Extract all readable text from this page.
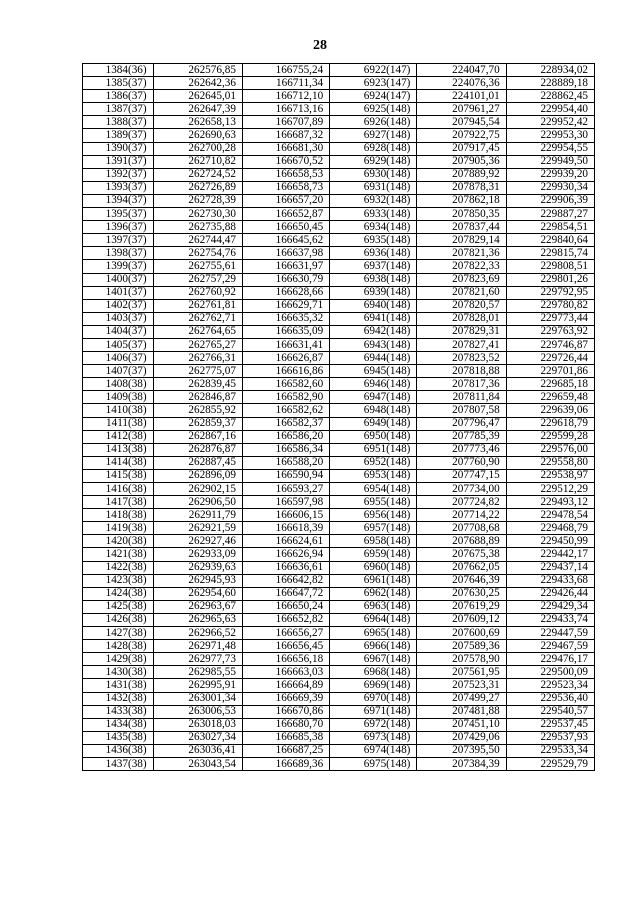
28
1384(36)	262576,85	166755,24	6922(147)	224047,70	228934,02
1385(37)	262642,36	166711,34	6923(147)	224076,36	228889,18
1386(37)	262645,01	166712,10	6924(147)	224101,01	228862,45
1387(37)	262647,39	166713,16	6925(148)	207961,27	229954,40
1388(37)	262658,13	166707,89	6926(148)	207945,54	229952,42
1389(37)	262690,63	166687,32	6927(148)	207922,75	229953,30
1390(37)	262700,28	166681,30	6928(148)	207917,45	229954,55
1391(37)	262710,82	166670,52	6929(148)	207905,36	229949,50
1392(37)	262724,52	166658,53	6930(148)	207889,92	229939,20
1393(37)	262726,89	166658,73	6931(148)	207878,31	229930,34
1394(37)	262728,39	166657,20	6932(148)	207862,18	229906,39
1395(37)	262730,30	166652,87	6933(148)	207850,35	229887,27
1396(37)	262735,88	166650,45	6934(148)	207837,44	229854,51
1397(37)	262744,47	166645,62	6935(148)	207829,14	229840,64
1398(37)	262754,76	166637,98	6936(148)	207821,36	229815,74
1399(37)	262755,61	166631,97	6937(148)	207822,33	229808,51
1400(37)	262757,29	166630,79	6938(148)	207823,69	229801,26
1401(37)	262760,92	166628,66	6939(148)	207821,60	229792,95
1402(37)	262761,81	166629,71	6940(148)	207820,57	229780,82
1403(37)	262762,71	166635,32	6941(148)	207828,01	229773,44
1404(37)	262764,65	166635,09	6942(148)	207829,31	229763,92
1405(37)	262765,27	166631,41	6943(148)	207827,41	229746,87
1406(37)	262766,31	166626,87	6944(148)	207823,52	229726,44
1407(37)	262775,07	166616,86	6945(148)	207818,88	229701,86
1408(38)	262839,45	166582,60	6946(148)	207817,36	229685,18
1409(38)	262846,87	166582,90	6947(148)	207811,84	229659,48
1410(38)	262855,92	166582,62	6948(148)	207807,58	229639,06
1411(38)	262859,37	166582,37	6949(148)	207796,47	229618,79
1412(38)	262867,16	166586,20	6950(148)	207785,39	229599,28
1413(38)	262876,87	166586,34	6951(148)	207773,46	229576,00
1414(38)	262887,45	166588,20	6952(148)	207760,90	229558,80
1415(38)	262896,09	166590,94	6953(148)	207747,15	229538,97
1416(38)	262902,15	166593,27	6954(148)	207734,00	229512,29
1417(38)	262906,50	166597,98	6955(148)	207724,82	229493,12
1418(38)	262911,79	166606,15	6956(148)	207714,22	229478,54
1419(38)	262921,59	166618,39	6957(148)	207708,68	229468,79
1420(38)	262927,46	166624,61	6958(148)	207688,89	229450,99
1421(38)	262933,09	166626,94	6959(148)	207675,38	229442,17
1422(38)	262939,63	166636,61	6960(148)	207662,05	229437,14
1423(38)	262945,93	166642,82	6961(148)	207646,39	229433,68
1424(38)	262954,60	166647,72	6962(148)	207630,25	229426,44
1425(38)	262963,67	166650,24	6963(148)	207619,29	229429,34
1426(38)	262965,63	166652,82	6964(148)	207609,12	229433,74
1427(38)	262966,52	166656,27	6965(148)	207600,69	229447,59
1428(38)	262971,48	166656,45	6966(148)	207589,36	229467,59
1429(38)	262977,73	166656,18	6967(148)	207578,90	229476,17
1430(38)	262985,55	166663,03	6968(148)	207561,95	229500,09
1431(38)	262995,91	166664,89	6969(148)	207523,31	229523,34
1432(38)	263001,34	166669,39	6970(148)	207499,27	229536,40
1433(38)	263006,53	166670,86	6971(148)	207481,88	229540,57
1434(38)	263018,03	166680,70	6972(148)	207451,10	229537,45
1435(38)	263027,34	166685,38	6973(148)	207429,06	229537,93
1436(38)	263036,41	166687,25	6974(148)	207395,50	229533,34
1437(38)	263043,54	166689,36	6975(148)	207384,39	229529,79
